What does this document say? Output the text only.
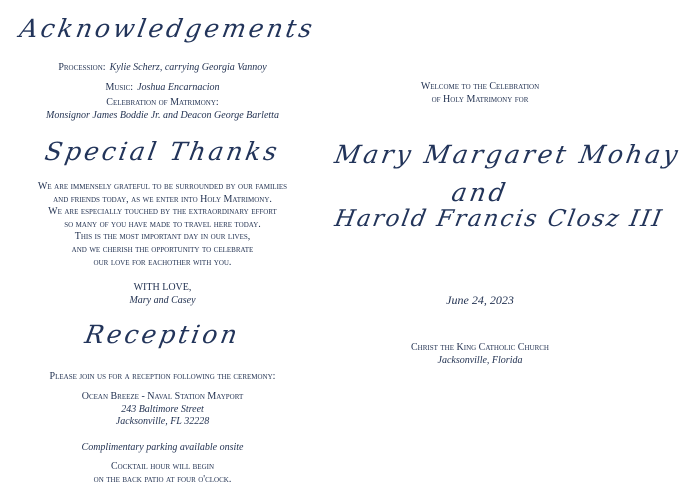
Acknowledgements
Procession: Kylie Scherz, carrying Georgia Vannoy
Music: Joshua Encarnacion
Celebration of Matrimony:
Monsignor James Boddie Jr. and Deacon George Barletta
Special Thanks
We are immensely grateful to be surrounded by our families
and friends today, as we enter into Holy Matrimony.
We are especially touched by the extraordinary effort
so many of you have made to travel here today.
This is the most important day in our lives,
and we cherish the opportunity to celebrate
our love for eachother with you.
WITH LOVE,
Mary and Casey
Reception
Please join us for a reception following the ceremony:
Ocean Breeze - Naval Station Mayport
243 Baltimore Street
Jacksonville, FL 32228
Complimentary parking available onsite
Cocktail hour will begin
on the back patio at four o'clock.
Welcome to the Celebration
of Holy Matrimony for
Mary Margaret Mohay
and
Harold Francis Closz III
June 24, 2023
Christ the King Catholic Church
Jacksonville, Florida
